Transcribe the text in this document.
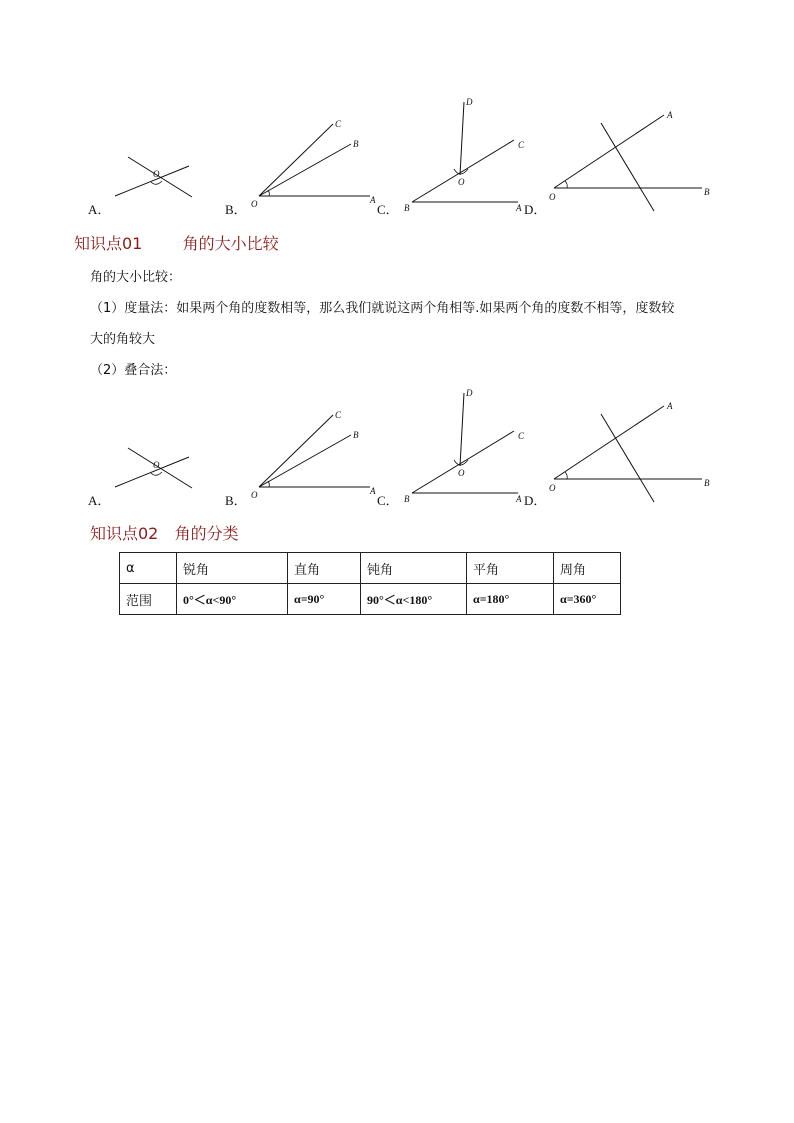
O
O
C
B
A
D
O
C
B	A
A
B
O
A．	B．	C．	D．
知识点01	角的大小比较
角的大小比较：
（1）度量法：如果两个角的度数相等，那么我们就说这两个角相等.如果两个角的度数不相等，度数较
大的角较大
（2）叠合法：
O
O
C
B
A
D
O
C
B	A
A
B
O
A．	B．	C．	D．
知识点02 角的分类
α	锐角	直角	钝角	平角	周角
范围	0°＜α<90°	α=90°	90°＜α<180°	α=180°	α=360°
